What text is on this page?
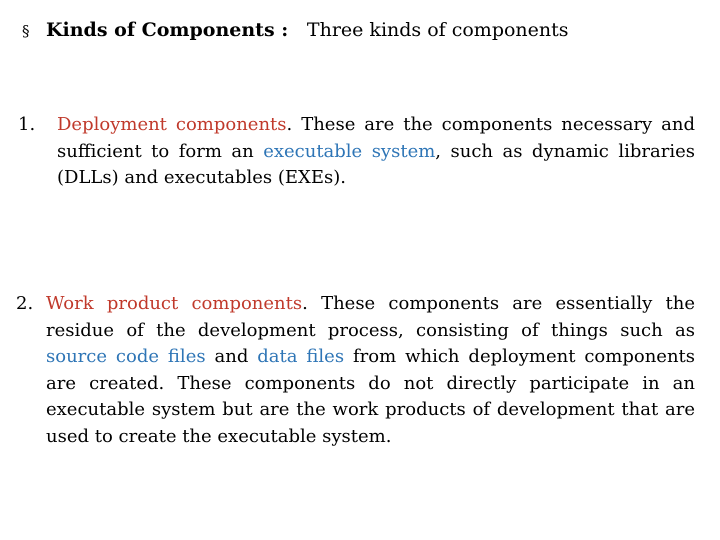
§ Kinds of Components : Three kinds of components
1. Deployment components. These are the components necessary and sufficient to form an executable system, such as dynamic libraries (DLLs) and executables (EXEs).
2. Work product components. These components are essentially the residue of the development process, consisting of things such as source code files and data files from which deployment components are created. These components do not directly participate in an executable system but are the work products of development that are used to create the executable system.
